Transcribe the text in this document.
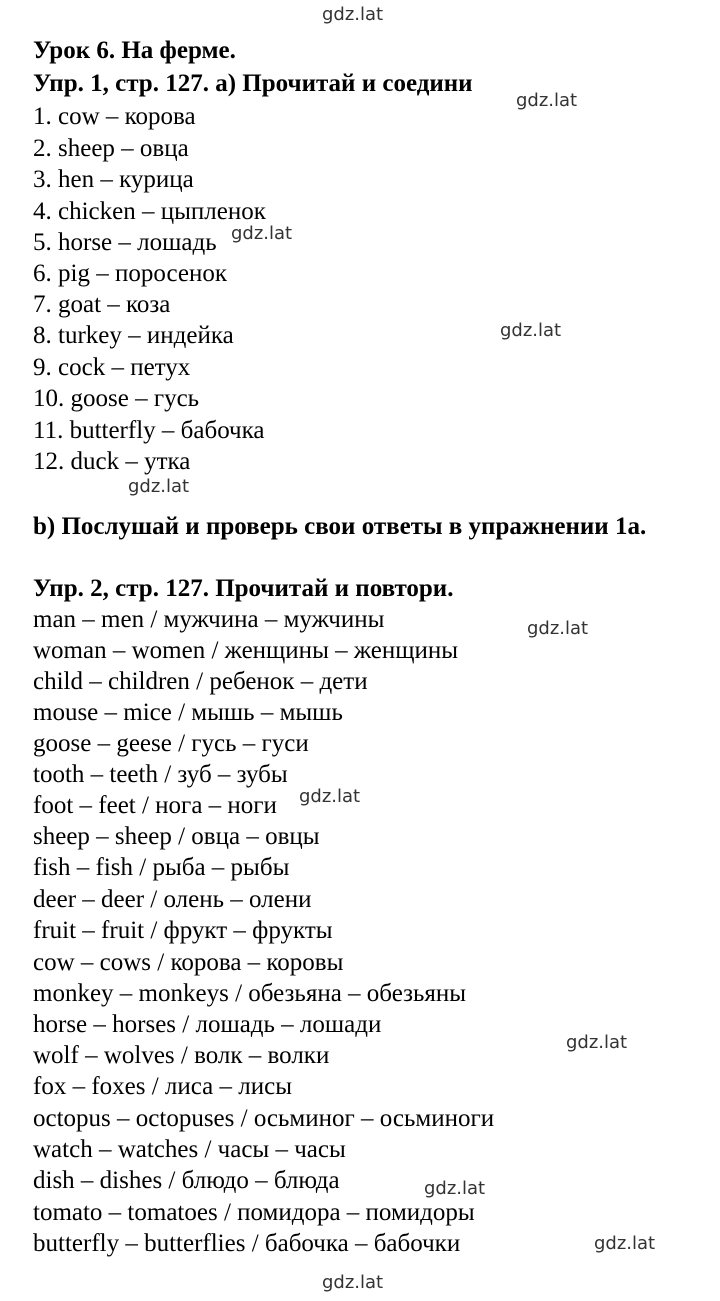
Урок 6. На ферме.
Упр. 1, стр. 127. а) Прочитай и соедини
1. cow – корова
2. sheep – овца
3. hen – курица
4. chicken – цыпленок
5. horse – лошадь
6. pig – поросенок
7. goat – коза
8. turkey – индейка
9. cock – петух
10. goose – гусь
11. butterfly – бабочка
12. duck – утка
b) Послушай и проверь свои ответы в упражнении 1a.
Упр. 2, стр. 127. Прочитай и повтори.
man – men / мужчина – мужчины
woman – women / женщины – женщины
child – children / ребенок – дети
mouse – mice / мышь – мышь
goose – geese / гусь – гуси
tooth – teeth / зуб – зубы
foot – feet / нога – ноги
sheep – sheep / овца – овцы
fish – fish / рыба – рыбы
deer – deer / олень – олени
fruit – fruit / фрукт – фрукты
cow – cows / корова – коровы
monkey – monkeys / обезьяна – обезьяны
horse – horses / лошадь – лошади
wolf – wolves / волк – волки
fox – foxes / лиса – лисы
octopus – octopuses / осьминог – осьминоги
watch – watches / часы – часы
dish – dishes / блюдо – блюда
tomato – tomatoes / помидора – помидоры
butterfly – butterflies / бабочка – бабочки
gdz.lat
gdz.lat
gdz.lat
gdz.lat
gdz.lat
gdz.lat
gdz.lat
gdz.lat
gdz.lat
gdz.lat
gdz.lat
